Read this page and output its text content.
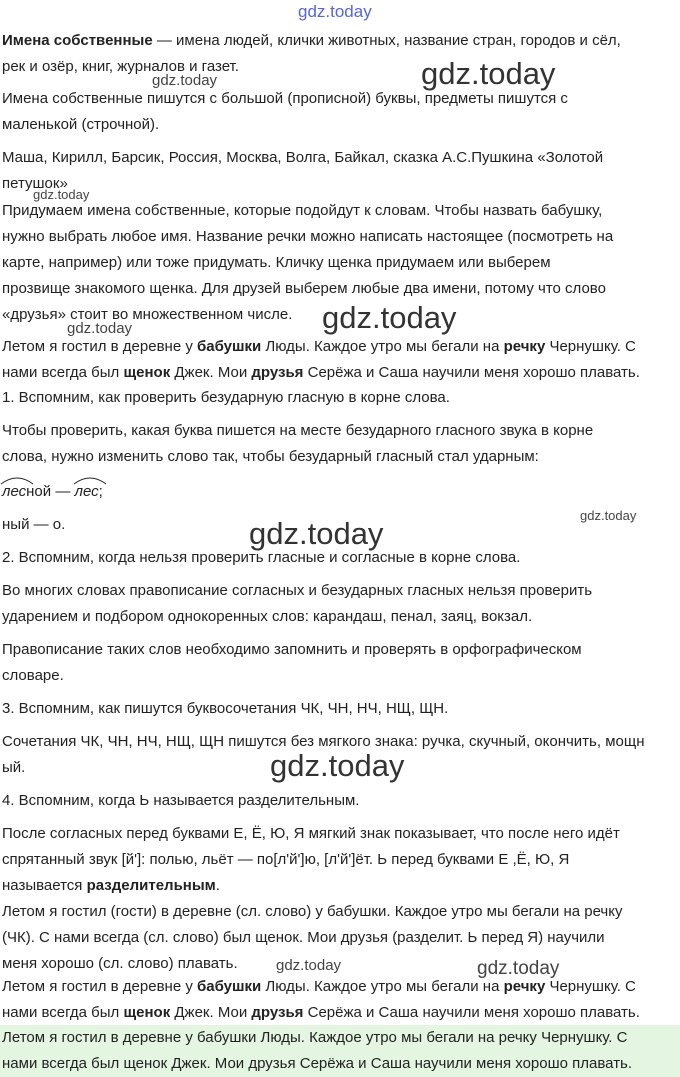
gdz.today
gdz.today	gdz.today
gdz.today
gdz.today
gdz.today
gdz.today
gdz.today
gdz.today
gdz.today	gdz.today
Имена собственные — имена людей, клички животных, название стран, городов и сёл,
рек и озёр, книг, журналов и газет.
Имена собственные пишутся с большой (прописной) буквы, предметы пишутся с
маленькой (строчной).
Маша, Кирилл, Барсик, Россия, Москва, Волга, Байкал, сказка А.С.Пушкина «Золотой
петушок»
Придумаем имена собственные, которые подойдут к словам. Чтобы назвать бабушку,
нужно выбрать любое имя. Название речки можно написать настоящее (посмотреть на
карте, например) или тоже придумать. Кличку щенка придумаем или выберем
прозвище знакомого щенка. Для друзей выберем любые два имени, потому что слово
«друзья» стоит во множественном числе.
Летом я гостил в деревне у бабушки Люды. Каждое утро мы бегали на речку Чернушку. С
нами всегда был щенок Джек. Мои друзья Серёжа и Саша научили меня хорошо плавать.
1. Вспомним, как проверить безударную гласную в корне слова.
Чтобы проверить, какая буква пишется на месте безударного гласного звука в корне
слова, нужно изменить слово так, чтобы безударный гласный стал ударным:
лесной —
лес;
ный — о.
2. Вспомним, когда нельзя проверить гласные и согласные в корне слова.
Во многих словах правописание согласных и безударных гласных нельзя проверить
ударением и подбором однокоренных слов: карандаш, пенал, заяц, вокзал.
Правописание таких слов необходимо запомнить и проверять в орфографическом
словаре.
3. Вспомним, как пишутся буквосочетания ЧК, ЧН, НЧ, НЩ, ЩН.
Сочетания ЧК, ЧН, НЧ, НЩ, ЩН пишутся без мягкого знака: ручка, скучный, окончить, мощн
ый.
4. Вспомним, когда Ь называется разделительным.
После согласных перед буквами Е, Ё, Ю, Я мягкий знак показывает, что после него идёт
спрятанный звук [й']: полью, льёт — по[л'й']ю, [л'й']ёт. Ь перед буквами Е ,Ё, Ю, Я
называется разделительным.
Летом я гостил (гости) в деревне (сл. слово) у бабушки. Каждое утро мы бегали на речку
(ЧК). С нами всегда (сл. слово) был щенок. Мои друзья (разделит. Ь перед Я) научили
меня хорошо (сл. слово) плавать.
Летом я гостил в деревне у бабушки Люды. Каждое утро мы бегали на речку Чернушку. С
нами всегда был щенок Джек. Мои друзья Серёжа и Саша научили меня хорошо плавать.
Летом я гостил в деревне у бабушки Люды. Каждое утро мы бегали на речку Чернушку. С
нами всегда был щенок Джек. Мои друзья Серёжа и Саша научили меня хорошо плавать.
